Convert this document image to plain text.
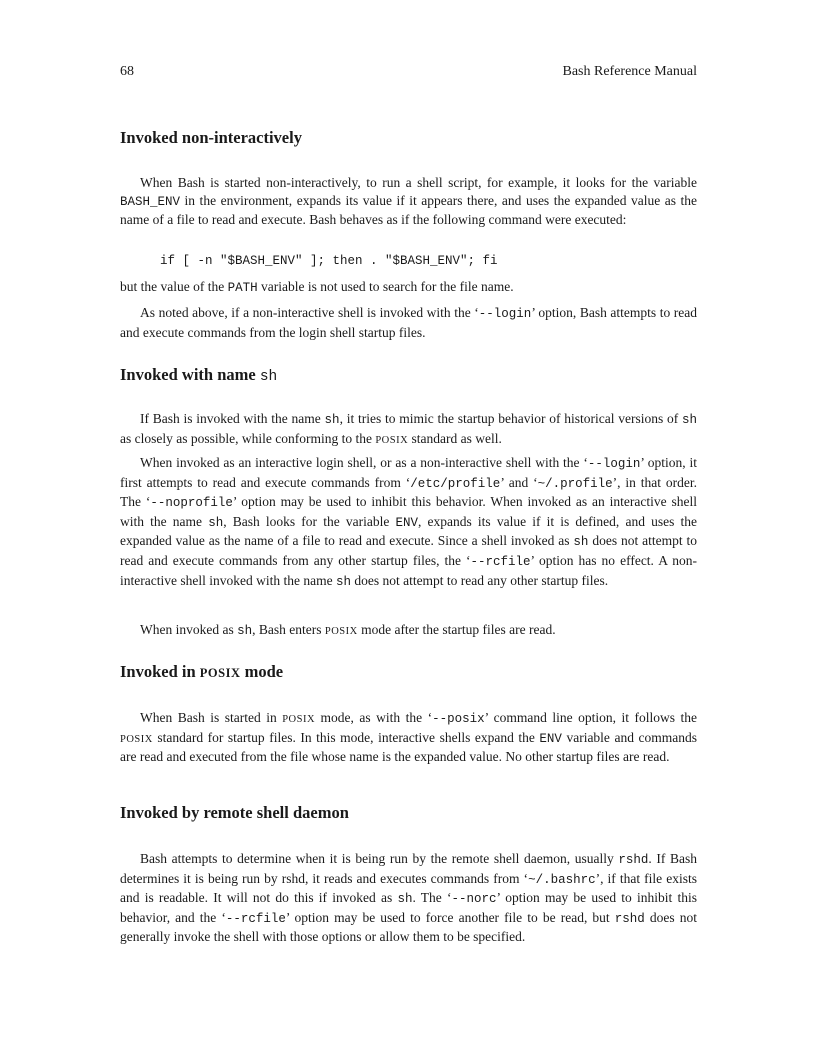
68	Bash Reference Manual
Invoked non-interactively

When Bash is started non-interactively, to run a shell script, for example, it looks for the variable BASH_ENV in the environment, expands its value if it appears there, and uses the expanded value as the name of a file to read and execute. Bash behaves as if the following command were executed:

if [ -n "$BASH_ENV" ]; then . "$BASH_ENV"; fi

but the value of the PATH variable is not used to search for the file name.

As noted above, if a non-interactive shell is invoked with the ‘--login’ option, Bash attempts to read and execute commands from the login shell startup files.

Invoked with name sh

If Bash is invoked with the name sh, it tries to mimic the startup behavior of historical versions of sh as closely as possible, while conforming to the POSIX standard as well.

When invoked as an interactive login shell, or as a non-interactive shell with the ‘--login’ option, it first attempts to read and execute commands from ‘/etc/profile’ and ‘~/.profile’, in that order. The ‘--noprofile’ option may be used to inhibit this behavior. When invoked as an interactive shell with the name sh, Bash looks for the variable ENV, expands its value if it is defined, and uses the expanded value as the name of a file to read and execute. Since a shell invoked as sh does not attempt to read and execute commands from any other startup files, the ‘--rcfile’ option has no effect. A non-interactive shell invoked with the name sh does not attempt to read any other startup files.

When invoked as sh, Bash enters POSIX mode after the startup files are read.

Invoked in POSIX mode

When Bash is started in POSIX mode, as with the ‘--posix’ command line option, it follows the POSIX standard for startup files. In this mode, interactive shells expand the ENV variable and commands are read and executed from the file whose name is the expanded value. No other startup files are read.

Invoked by remote shell daemon

Bash attempts to determine when it is being run by the remote shell daemon, usually rshd. If Bash determines it is being run by rshd, it reads and executes commands from ‘~/.bashrc’, if that file exists and is readable. It will not do this if invoked as sh. The ‘--norc’ option may be used to inhibit this behavior, and the ‘--rcfile’ option may be used to force another file to be read, but rshd does not generally invoke the shell with those options or allow them to be specified.
